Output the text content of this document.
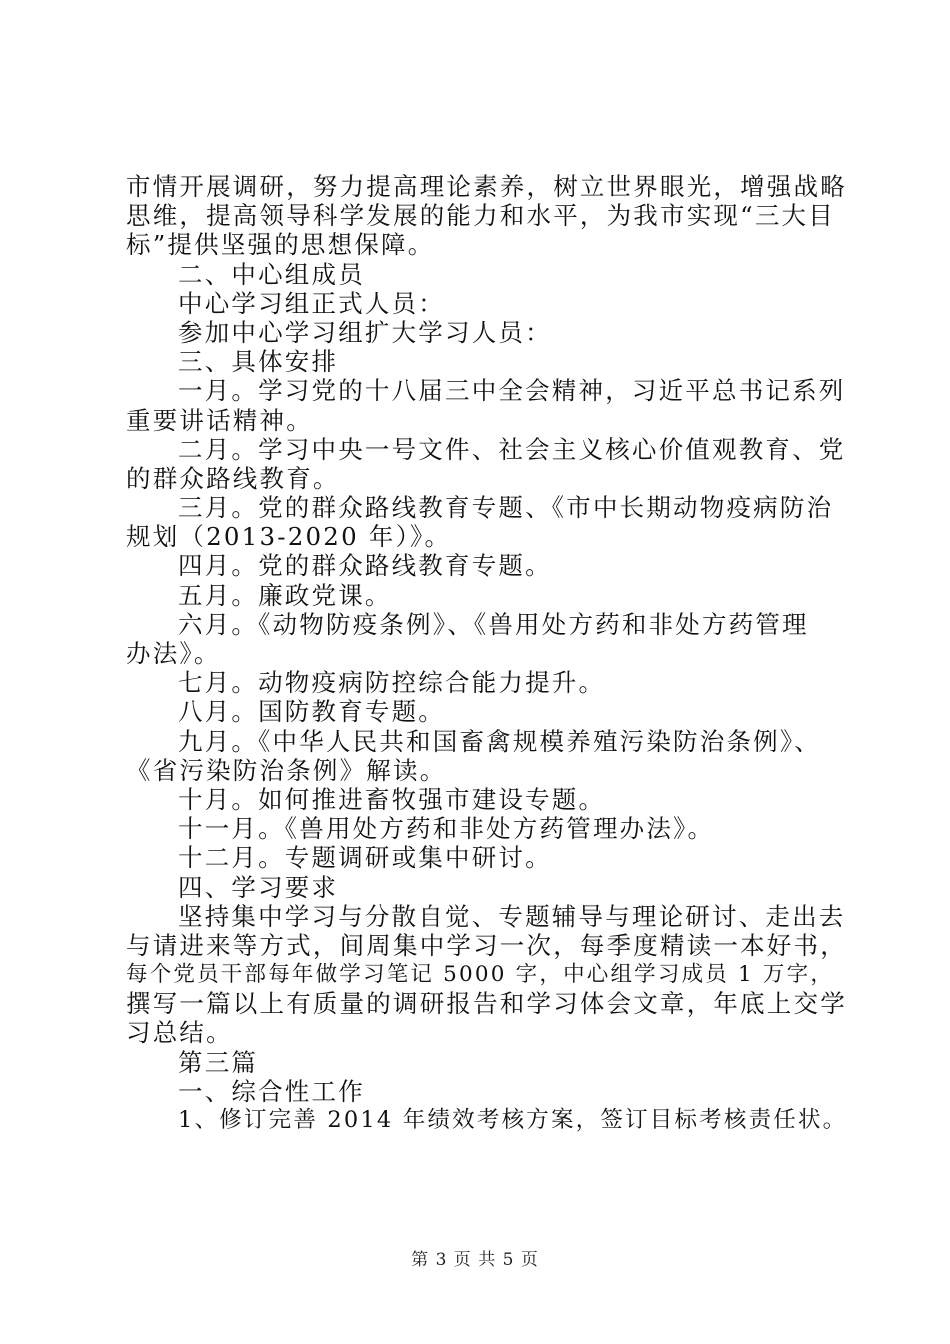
市情开展调研，努力提高理论素养，树立世界眼光，增强战略
思维，提高领导科学发展的能力和水平，为我市实现“三大目
标”提供坚强的思想保障。
二、中心组成员
中心学习组正式人员：
参加中心学习组扩大学习人员：
三、具体安排
一月。学习党的十八届三中全会精神，习近平总书记系列
重要讲话精神。
二月。学习中央一号文件、社会主义核心价值观教育、党
的群众路线教育。
三月。党的群众路线教育专题、《市中长期动物疫病防治
规划（2013-2020 年）》。
四月。党的群众路线教育专题。
五月。廉政党课。
六月。《动物防疫条例》、《兽用处方药和非处方药管理
办法》。
七月。动物疫病防控综合能力提升。
八月。国防教育专题。
九月。《中华人民共和国畜禽规模养殖污染防治条例》、
《省污染防治条例》解读。
十月。如何推进畜牧强市建设专题。
十一月。《兽用处方药和非处方药管理办法》。
十二月。专题调研或集中研讨。
四、学习要求
坚持集中学习与分散自觉、专题辅导与理论研讨、走出去
与请进来等方式，间周集中学习一次，每季度精读一本好书，
每个党员干部每年做学习笔记 5000 字，中心组学习成员 1 万字，
撰写一篇以上有质量的调研报告和学习体会文章，年底上交学
习总结。
第三篇
一、综合性工作
1、修订完善 2014 年绩效考核方案，签订目标考核责任状。
第 3 页 共 5 页
